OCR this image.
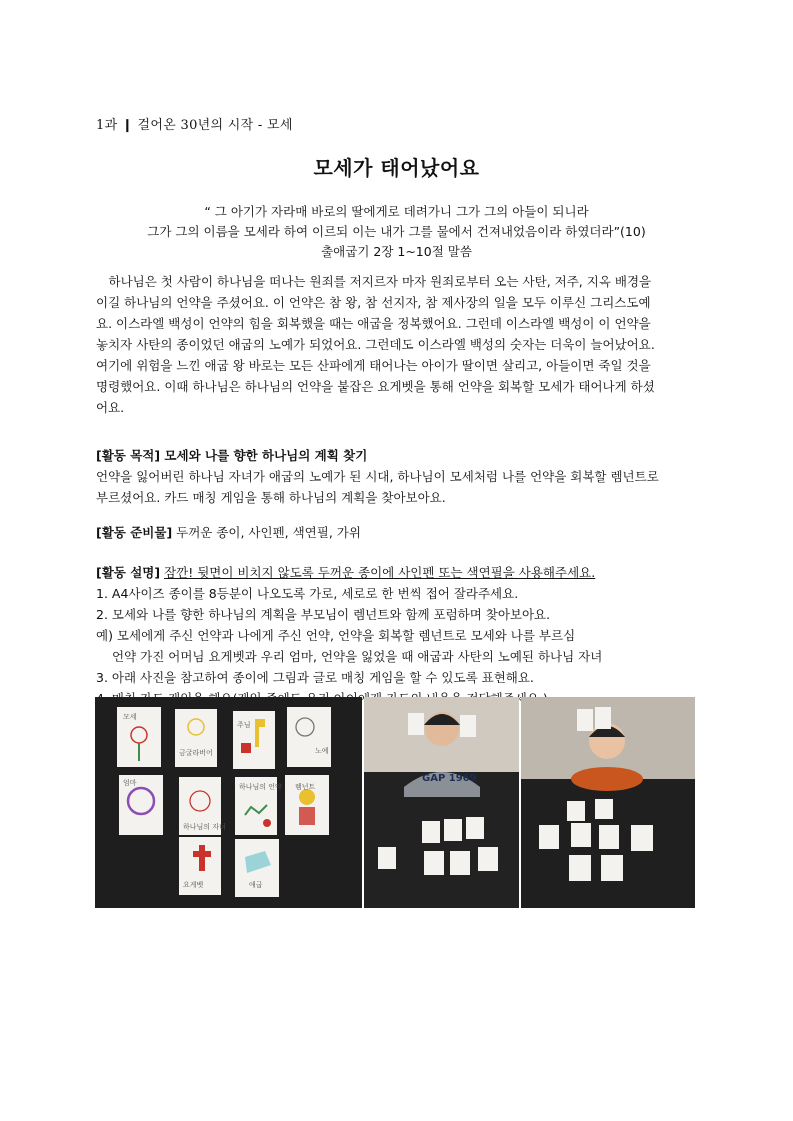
1과 ❙ 걸어온 30년의 시작 - 모세
모세가 태어났어요
“ 그 아기가 자라매 바로의 딸에게로 데려가니 그가 그의 아들이 되니라
그가 그의 이름을 모세라 하여 이르되 이는 내가 그를 물에서 건져내었음이라 하였더라”(10)
출애굽기 2장 1~10절 말씀
　하나님은 첫 사람이 하나님을 떠나는 원죄를 저지르자 마자 원죄로부터 오는 사탄, 저주, 지옥 배경을
이길 하나님의 언약을 주셨어요. 이 언약은 참 왕, 참 선지자, 참 제사장의 일을 모두 이루신 그리스도예
요. 이스라엘 백성이 언약의 힘을 회복했을 때는 애굽을 정복했어요. 그런데 이스라엘 백성이 이 언약을
놓치자 사탄의 종이었던 애굽의 노예가 되었어요. 그런데도 이스라엘 백성의 숫자는 더욱이 늘어났어요.
여기에 위험을 느낀 애굽 왕 바로는 모든 산파에게 태어나는 아이가 딸이면 살리고, 아들이면 죽일 것을
명령했어요. 이때 하나님은 하나님의 언약을 붙잡은 요게벳을 통해 언약을 회복할 모세가 태어나게 하셨
어요.
[활동 목적] 모세와 나를 향한 하나님의 계획 찾기
언약을 잃어버린 하나님 자녀가 애굽의 노예가 된 시대, 하나님이 모세처럼 나를 언약을 회복할 렘넌트로
부르셨어요. 카드 매칭 게임을 통해 하나님의 계획을 찾아보아요.
[활동 준비물] 두꺼운 종이, 사인펜, 색연필, 가위
[활동 설명] 잠깐! 뒷면이 비치지 않도록 두꺼운 종이에 사인펜 또는 색연필을 사용해주세요.
1. A4사이즈 종이를 8등분이 나오도록 가로, 세로로 한 번씩 접어 잘라주세요.
2. 모세와 나를 향한 하나님의 계획을 부모님이 렘넌트와 함께 포럼하며 찾아보아요.
예) 모세에게 주신 언약과 나에게 주신 언약, 언약을 회복할 렘넌트로 모세와 나를 부르심
언약 가진 어머님 요게벳과 우리 엄마, 언약을 잃었을 때 애굽과 사탄의 노예된 하나님 자녀
3. 아래 사진을 참고하여 종이에 그림과 글로 매칭 게임을 할 수 있도록 표현해요.
모세
금굴라버어
주님
노예
엄마
하나님의 자녀
하나님의 언약 렘넌트
요게벳	애굽
GAP 1969
